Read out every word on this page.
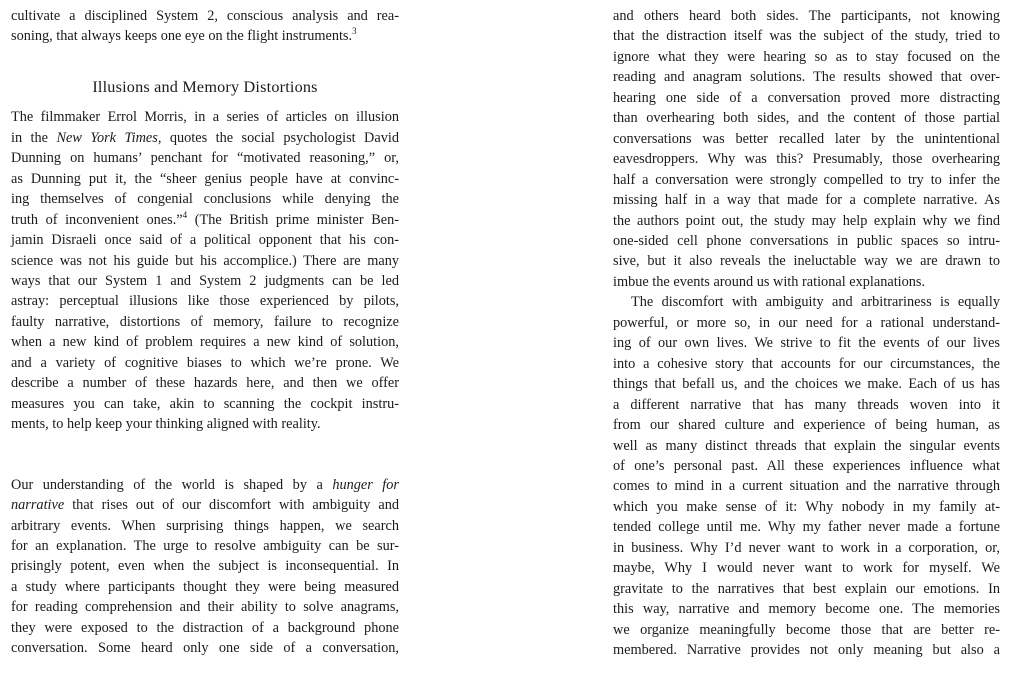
cultivate a disciplined System 2, conscious analysis and rea-
soning, that always keeps one eye on the flight instruments.$^3$
Illusions and Memory Distortions
The filmmaker Errol Morris, in a series of articles on illusion
in the New York Times, quotes the social psychologist David
Dunning on humans’ penchant for “motivated reasoning,” or,
as Dunning put it, the “sheer genius people have at convinc-
ing themselves of congenial conclusions while denying the
truth of inconvenient ones.”$^4$ (The British prime minister Ben-
jamin Disraeli once said of a political opponent that his con-
science was not his guide but his accomplice.) There are many
ways that our System 1 and System 2 judgments can be led
astray: perceptual illusions like those experienced by pilots,
faulty narrative, distortions of memory, failure to recognize
when a new kind of problem requires a new kind of solution,
and a variety of cognitive biases to which we’re prone. We
describe a number of these hazards here, and then we offer
measures you can take, akin to scanning the cockpit instru-
ments, to help keep your thinking aligned with reality.
Our understanding of the world is shaped by a hunger for
narrative that rises out of our discomfort with ambiguity and
arbitrary events. When surprising things happen, we search
for an explanation. The urge to resolve ambiguity can be sur-
prisingly potent, even when the subject is inconsequential. In
a study where participants thought they were being measured
for reading comprehension and their ability to solve anagrams,
they were exposed to the distraction of a background phone
conversation. Some heard only one side of a conversation,
and others heard both sides. The participants, not knowing
that the distraction itself was the subject of the study, tried to
ignore what they were hearing so as to stay focused on the
reading and anagram solutions. The results showed that over-
hearing one side of a conversation proved more distracting
than overhearing both sides, and the content of those partial
conversations was better recalled later by the unintentional
eavesdroppers. Why was this? Presumably, those overhearing
half a conversation were strongly compelled to try to infer the
missing half in a way that made for a complete narrative. As
the authors point out, the study may help explain why we find
one-sided cell phone conversations in public spaces so intru-
sive, but it also reveals the ineluctable way we are drawn to
imbue the events around us with rational explanations.
The discomfort with ambiguity and arbitrariness is equally
powerful, or more so, in our need for a rational understand-
ing of our own lives. We strive to fit the events of our lives
into a cohesive story that accounts for our circumstances, the
things that befall us, and the choices we make. Each of us has
a different narrative that has many threads woven into it
from our shared culture and experience of being human, as
well as many distinct threads that explain the singular events
of one’s personal past. All these experiences influence what
comes to mind in a current situation and the narrative through
which you make sense of it: Why nobody in my family at-
tended college until me. Why my father never made a fortune
in business. Why I’d never want to work in a corporation, or,
maybe, Why I would never want to work for myself. We
gravitate to the narratives that best explain our emotions. In
this way, narrative and memory become one. The memories
we organize meaningfully become those that are better re-
membered. Narrative provides not only meaning but also a
